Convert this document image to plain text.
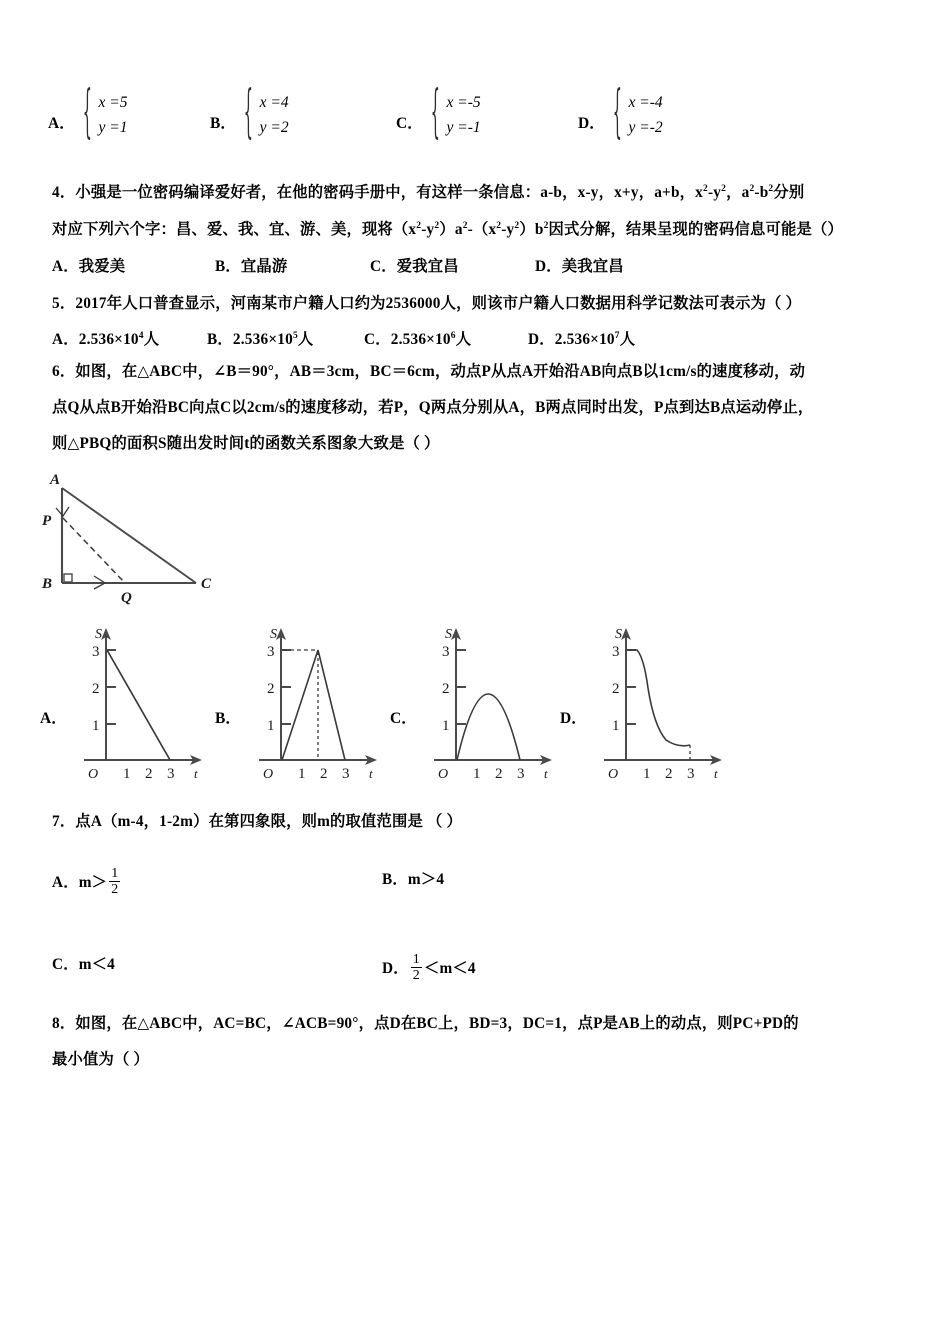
A． { x =5
y =1	B． { x =4
y =2	C． { x =‑5
y =‑1	D． { x =‑4
y =‑2
4．小强是一位密码编译爱好者，在他的密码手册中，有这样一条信息：a‑b，x‑y，x+y，a+b，$x^2‑y^2$，$a^2‑b^2$分别
对应下列六个字：昌、爱、我、宜、游、美，现将$(x^2‑y^2)a^2‑(x^2‑y^2)b^2$因式分解，结果呈现的密码信息可能是（）
A．我爱美	B．宜晶游	C．爱我宜昌	D．美我宜昌
5．2017年人口普查显示，河南某市户籍人口约为2536000人，则该市户籍人口数据用科学记数法可表示为（ ）
A．$2.536\times 10^4$人	B．$2.536\times 10^5$人	C．$2.536\times 10^6$人	D．$2.536\times 10^7$人
6．如图，在△ABC中，∠B＝90°，AB＝3cm，BC＝6cm，动点P从点A开始沿AB向点B以1cm/s的速度移动，动
点Q从点B开始沿BC向点C以2cm/s的速度移动，若P，Q两点分别从A，B两点同时出发，P点到达B点运动停止，
则△PBQ的面积S随出发时间t的函数关系图象大致是（ ）
A
P
B
Q
C
A．
S
t
O
3
2
1
1 2 3
B．
S
t
O
3
2
1
1 2 3
C．
S
t
O
3
2
1
1 2 3
D．
S
t
O
3
2
1
1 2 3
7．点A（m‑4，1‑2m）在第四象限，则m的取值范围是 （ ）
A．$m> \frac{1}{2}$	B．m＞4
C．m＜4	D． $\frac{1}{2} <m<4$
8．如图，在△ABC中，AC=BC，∠ACB=90°，点D在BC上，BD=3，DC=1，点P是AB上的动点，则PC+PD的
最小值为（ ）
